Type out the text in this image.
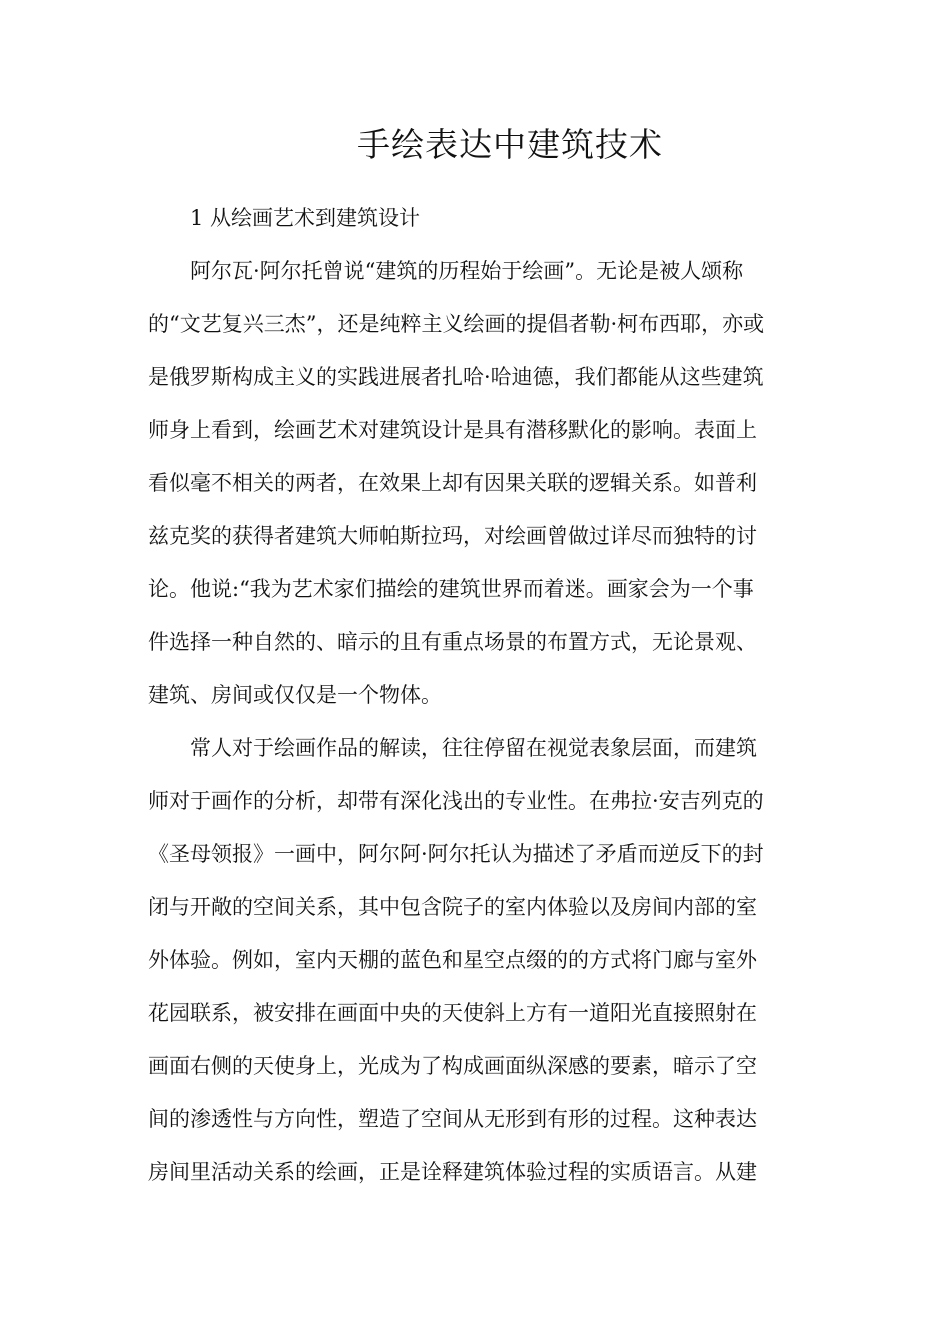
手绘表达中建筑技术
1 从绘画艺术到建筑设计
阿尔瓦·阿尔托曾说“建筑的历程始于绘画”。无论是被人颂称
的“文艺复兴三杰”，还是纯粹主义绘画的提倡者勒·柯布西耶，亦或
是俄罗斯构成主义的实践进展者扎哈·哈迪德，我们都能从这些建筑
师身上看到，绘画艺术对建筑设计是具有潜移默化的影响。表面上
看似毫不相关的两者，在效果上却有因果关联的逻辑关系。如普利
兹克奖的获得者建筑大师帕斯拉玛，对绘画曾做过详尽而独特的讨
论。他说:“我为艺术家们描绘的建筑世界而着迷。画家会为一个事
件选择一种自然的、暗示的且有重点场景的布置方式，无论景观、
建筑、房间或仅仅是一个物体。
常人对于绘画作品的解读，往往停留在视觉表象层面，而建筑
师对于画作的分析，却带有深化浅出的专业性。在弗拉·安吉列克的
《圣母领报》一画中，阿尔阿·阿尔托认为描述了矛盾而逆反下的封
闭与开敞的空间关系，其中包含院子的室内体验以及房间内部的室
外体验。例如，室内天棚的蓝色和星空点缀的的方式将门廊与室外
花园联系，被安排在画面中央的天使斜上方有一道阳光直接照射在
画面右侧的天使身上，光成为了构成画面纵深感的要素，暗示了空
间的渗透性与方向性，塑造了空间从无形到有形的过程。这种表达
房间里活动关系的绘画，正是诠释建筑体验过程的实质语言。从建
